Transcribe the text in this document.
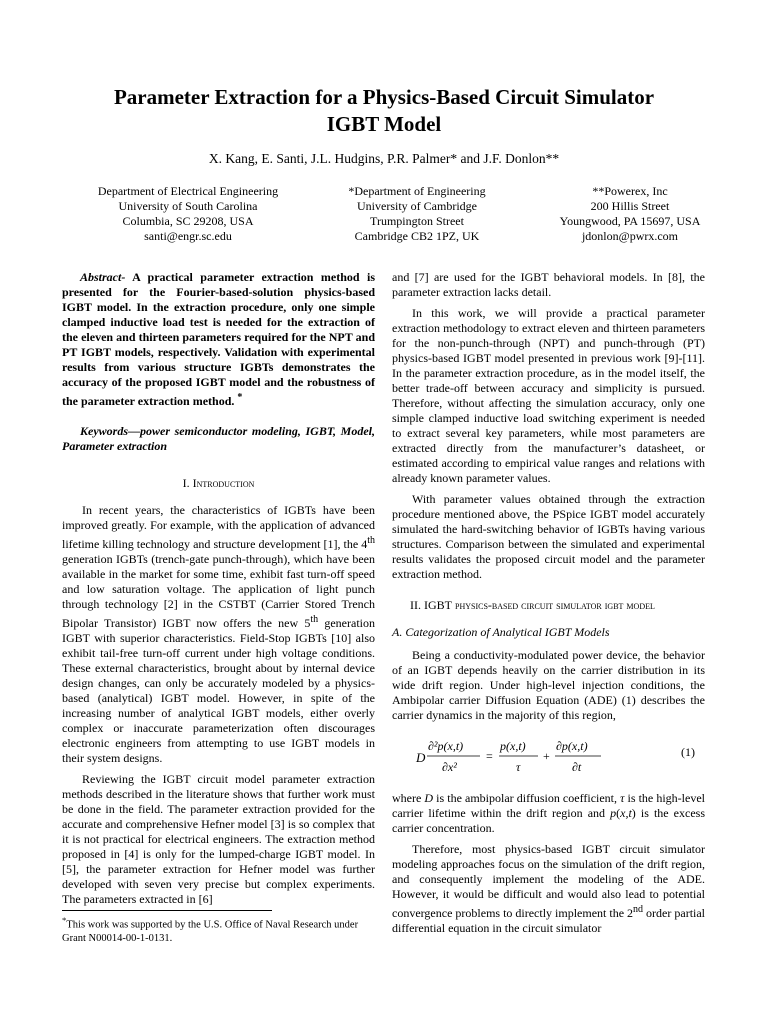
Parameter Extraction for a Physics-Based Circuit Simulator
IGBT Model

X. Kang, E. Santi, J.L. Hudgins, P.R. Palmer* and J.F. Donlon**

Department of Electrical Engineering
University of South Carolina
Columbia, SC 29208, USA
santi@engr.sc.edu
*Department of Engineering
University of Cambridge
Trumpington Street
Cambridge CB2 1PZ, UK
**Powerex, Inc
200 Hillis Street
Youngwood, PA 15697, USA
jdonlon@pwrx.com

Abstract- A practical parameter extraction method is presented for the Fourier-based-solution physics-based IGBT model. In the extraction procedure, only one simple clamped inductive load test is needed for the extraction of the eleven and thirteen parameters required for the NPT and PT IGBT models, respectively. Validation with experimental results from various structure IGBTs demonstrates the accuracy of the proposed IGBT model and the robustness of the parameter extraction method. *

Keywords—power semiconductor modeling, IGBT, Model, Parameter extraction

I. Introduction

In recent years, the characteristics of IGBTs have been improved greatly. For example, with the application of advanced lifetime killing technology and structure development [1], the 4th generation IGBTs (trench-gate punch-through), which have been available in the market for some time, exhibit fast turn-off speed and low saturation voltage. The application of light punch through technology [2] in the CSTBT (Carrier Stored Trench Bipolar Transistor) IGBT now offers the new 5th generation IGBT with superior characteristics. Field-Stop IGBTs [10] also exhibit tail-free turn-off current under high voltage conditions. These external characteristics, brought about by internal device design changes, can only be accurately modeled by a physics-based (analytical) IGBT model. However, in spite of the increasing number of analytical IGBT models, either overly complex or inaccurate parameterization often discourages electronic engineers from attempting to use IGBT models in their system designs.

Reviewing the IGBT circuit model parameter extraction methods described in the literature shows that further work must be done in the field. The parameter extraction provided for the accurate and comprehensive Hefner model [3] is so complex that it is not practical for electrical engineers. The extraction method proposed in [4] is only for the lumped-charge IGBT model. In [5], the parameter extraction for Hefner model was further developed with seven very precise but complex experiments. The parameters extracted in [6]

*This work was supported by the U.S. Office of Naval Research under Grant N00014-00-1-0131.

and [7] are used for the IGBT behavioral models. In [8], the parameter extraction lacks detail.

In this work, we will provide a practical parameter extraction methodology to extract eleven and thirteen parameters for the non-punch-through (NPT) and punch-through (PT) physics-based IGBT model presented in previous work [9]-[11]. In the parameter extraction procedure, as in the model itself, the better trade-off between accuracy and simplicity is pursued. Therefore, without affecting the simulation accuracy, only one simple clamped inductive load switching experiment is needed to extract several key parameters, while most parameters are extracted directly from the manufacturer’s datasheet, or estimated according to empirical value ranges and relations with already known parameter values.

With parameter values obtained through the extraction procedure mentioned above, the PSpice IGBT model accurately simulated the hard-switching behavior of IGBTs having various structures. Comparison between the simulated and experimental results validates the proposed circuit model and the parameter extraction method.

II. IGBT physics-based circuit simulator igbt model

A. Categorization of Analytical IGBT Models

Being a conductivity-modulated power device, the behavior of an IGBT depends heavily on the carrier distribution in its wide drift region. Under high-level injection conditions, the Ambipolar carrier Diffusion Equation (ADE) (1) describes the carrier dynamics in the majority of this region,

D
∂²p(x,t)
∂x²
=
p(x,t)
τ
+
∂p(x,t)
∂t
(1)

where D is the ambipolar diffusion coefficient, τ is the high-level carrier lifetime within the drift region and p(x,t) is the excess carrier concentration.

Therefore, most physics-based IGBT circuit simulator modeling approaches focus on the simulation of the drift region, and consequently implement the modeling of the ADE. However, it would be difficult and would also lead to potential convergence problems to directly implement the 2nd order partial differential equation in the circuit simulator
